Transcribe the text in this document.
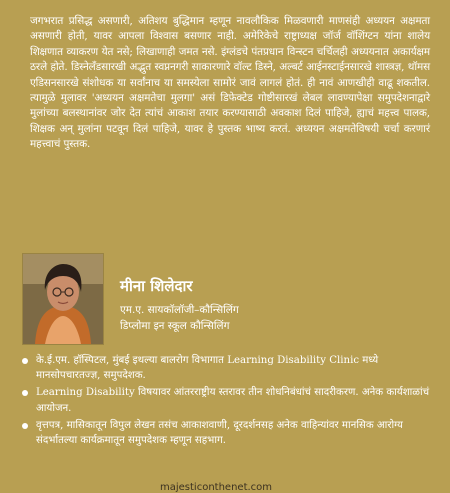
जगभरात प्रसिद्ध असणारी, अतिशय बुद्धिमान म्हणून नावलौकिक मिळवणारी माणसंही अध्ययन अक्षमता असणारी होती, यावर आपला विश्वास बसणार नाही. अमेरिकेचे राष्ट्राध्यक्ष जॉर्ज वॉशिंग्टन यांना शालेय शिक्षणात व्याकरण येत नसे; लिखाणाही जमत नसे. इंग्लंडचे पंतप्रधान विन्स्टन चर्चिलही अध्ययनात अकार्यक्षम ठरले होते. डिस्नेलँडसारखी अद्भुत स्वप्ननगरी साकारणारे वॉल्ट डिस्ने, अल्बर्ट आईनस्टाईनसारखे शास्त्रज्ञ, थॉमस एडिसनसारखे संशोधक या सर्वांनाच या समस्येला सामोरं जावं लागलं होतं. ही नावं आणखीही वाढू शकतील. त्यामुळे मुलावर 'अध्ययन अक्षमतेचा मुलगा' असं डिफेक्टेड गोष्टीसारखं लेबल लावण्यापेक्षा समुपदेशनाद्वारे मुलांच्या बलस्थानांवर जोर देत त्यांचं आकाश तयार करण्यासाठी अवकाश दिलं पाहिजे, ह्याचं महत्त्व पालक, शिक्षक अन् मुलांना पटवून दिलं पाहिजे, यावर हे पुस्तक भाष्य करतं. अध्ययन अक्षमतेविषयी चर्चा करणारं महत्त्वाचं पुस्तक.
मीना शिलेदार
एम.ए. सायकॉलॉजी–कौन्सिलिंग
डिप्लोमा इन स्कूल कौन्सिलिंग
के.ई.एम. हॉस्पिटल, मुंबई इथल्या बालरोग विभागात Learning Disability Clinic मध्ये मानसोपचारतज्ज्ञ, समुपदेशक.
Learning Disability विषयावर आंतरराष्ट्रीय स्तरावर तीन शोधनिबंधांचं सादरीकरण. अनेक कार्यशाळांचं आयोजन.
वृत्तपत्र, मासिकातून विपुल लेखन तसंच आकाशवाणी, दूरदर्शनसह अनेक वाहिन्यांवर मानसिक आरोग्य संदर्भातल्या कार्यक्रमातून समुपदेशक म्हणून सहभाग.
majesticonthenet.com
